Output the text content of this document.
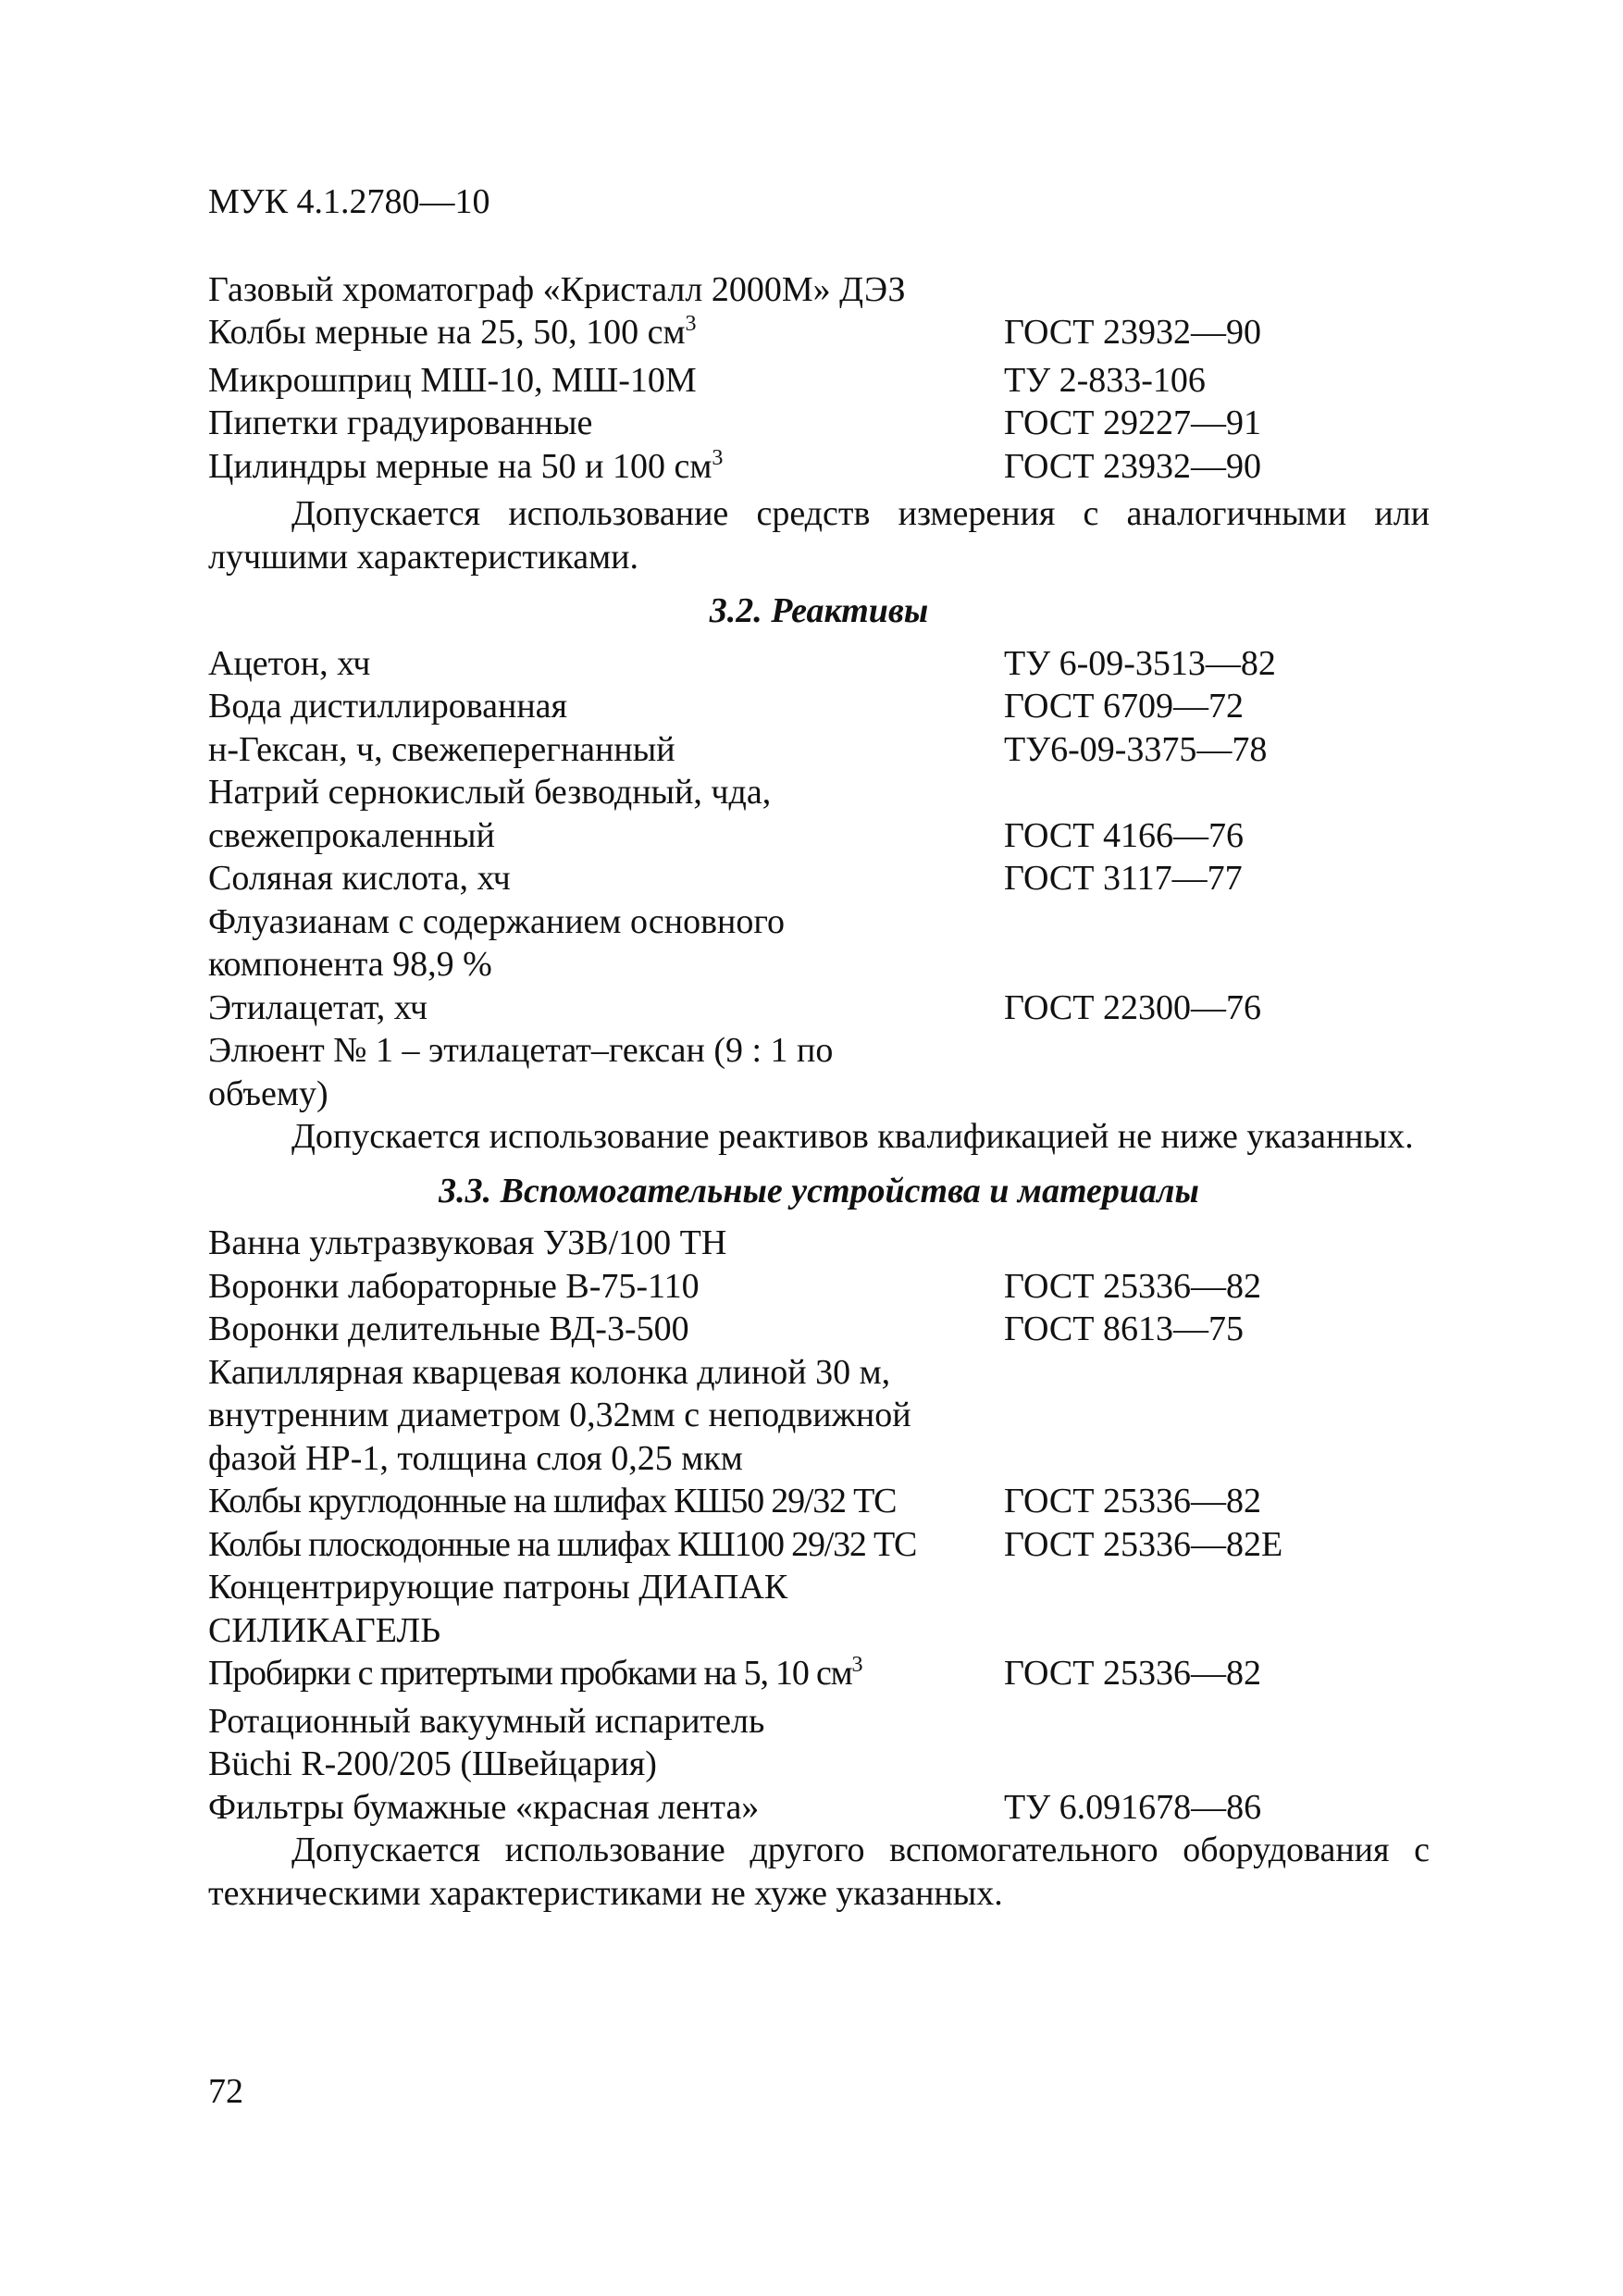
МУК 4.1.2780—10
Газовый хроматограф «Кристалл 2000М» ДЭЗ
Колбы мерные на 25, 50, 100 $см^3$	ГОСТ 23932—90
Микрошприц МШ-10, МШ-10М	ТУ 2-833-106
Пипетки градуированные	ГОСТ 29227—91
Цилиндры мерные на 50 и 100 $см^3$	ГОСТ 23932—90
Допускается использование средств измерения с аналогичными или лучшими характеристиками.
3.2. Реактивы
Ацетон, хч	ТУ 6-09-3513—82
Вода дистиллированная	ГОСТ 6709—72
н-Гексан, ч, свежеперегнанный	ТУ6-09-3375—78
Натрий сернокислый безводный, чда,
свежепрокаленный	ГОСТ 4166—76
Соляная кислота, хч	ГОСТ 3117—77
Флуазианам с содержанием основного
компонента 98,9 %
Этилацетат, хч	ГОСТ 22300—76
Элюент № 1 – этилацетат–гексан (9 : 1 по
объему)
Допускается использование реактивов квалификацией не ниже указанных.
3.3. Вспомогательные устройства и материалы
Ванна ультразвуковая УЗВ/100 ТН
Воронки лабораторные В-75-110	ГОСТ 25336—82
Воронки делительные ВД-3-500	ГОСТ 8613—75
Капиллярная кварцевая колонка длиной 30 м,
внутренним диаметром 0,32мм с неподвижной
фазой НР-1, толщина слоя 0,25 мкм
Колбы круглодонные на шлифах КШ50 29/32 ТС	ГОСТ 25336—82
Колбы плоскодонные на шлифах КШ100 29/32 ТС	ГОСТ 25336—82Е
Концентрирующие патроны ДИАПАК
СИЛИКАГЕЛЬ
Пробирки с притертыми пробками на 5, 10 $см^3$	ГОСТ 25336—82
Ротационный вакуумный испаритель
Büchi R-200/205 (Швейцария)
Фильтры бумажные «красная лента»	ТУ 6.091678—86
Допускается использование другого вспомогательного оборудования с техническими характеристиками не хуже указанных.
72
